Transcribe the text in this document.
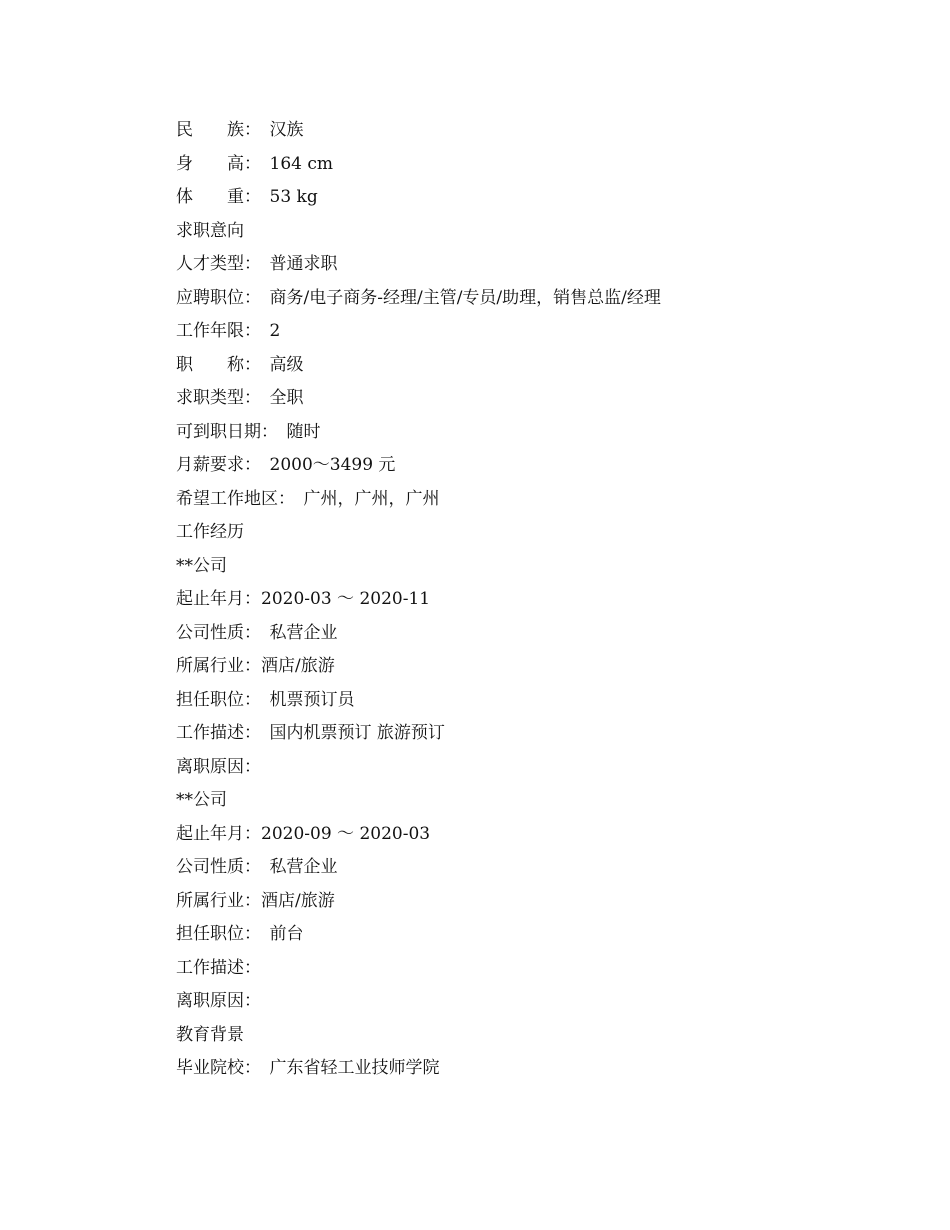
民　　族：　汉族
身　　高：　164 cm
体　　重：　53 kg
求职意向
人才类型：　普通求职
应聘职位：　商务/电子商务-经理/主管/专员/助理，销售总监/经理
工作年限：　2
职　　称：　高级
求职类型：　全职
可到职日期：　随时
月薪要求：　2000～3499 元
希望工作地区：　广州，广州，广州
工作经历
**公司
起止年月：2020-03 ～ 2020-11
公司性质：　私营企业
所属行业：酒店/旅游
担任职位：　机票预订员
工作描述：　国内机票预订 旅游预订
离职原因：
**公司
起止年月：2020-09 ～ 2020-03
公司性质：　私营企业
所属行业：酒店/旅游
担任职位：　前台
工作描述：
离职原因：
教育背景
毕业院校：　广东省轻工业技师学院
